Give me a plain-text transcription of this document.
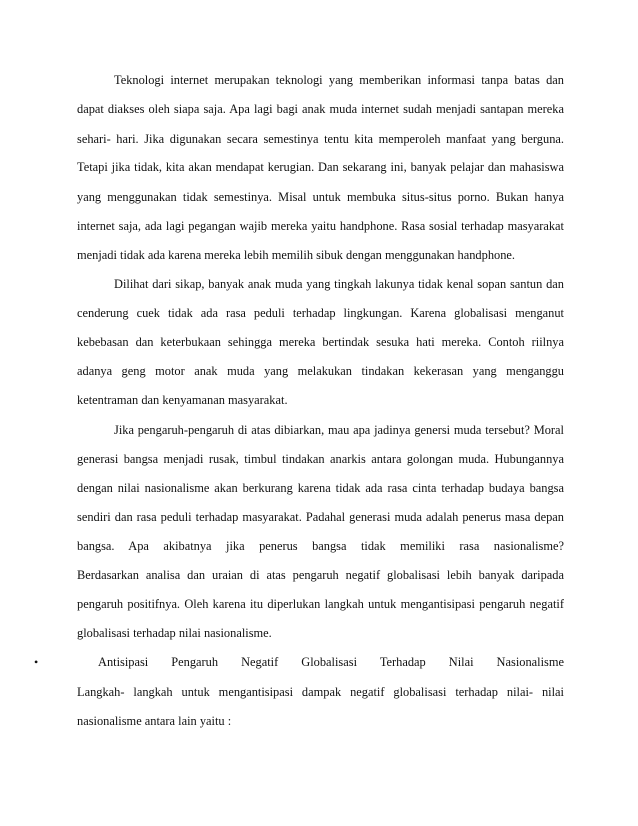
Teknologi internet merupakan teknologi yang memberikan informasi tanpa batas dan
dapat diakses oleh siapa saja. Apa lagi bagi anak muda internet sudah menjadi santapan mereka
sehari- hari. Jika digunakan secara semestinya tentu kita memperoleh manfaat yang berguna.
Tetapi jika tidak, kita akan mendapat kerugian. Dan sekarang ini, banyak pelajar dan mahasiswa
yang menggunakan tidak semestinya. Misal untuk membuka situs-situs porno. Bukan hanya
internet saja, ada lagi pegangan wajib mereka yaitu handphone. Rasa sosial terhadap masyarakat
menjadi tidak ada karena mereka lebih memilih sibuk dengan menggunakan handphone.
Dilihat dari sikap, banyak anak muda yang tingkah lakunya tidak kenal sopan santun dan
cenderung cuek tidak ada rasa peduli terhadap lingkungan. Karena globalisasi menganut
kebebasan dan keterbukaan sehingga mereka bertindak sesuka hati mereka. Contoh riilnya
adanya geng motor anak muda yang melakukan tindakan kekerasan yang menganggu
ketentraman dan kenyamanan masyarakat.
Jika pengaruh-pengaruh di atas dibiarkan, mau apa jadinya genersi muda tersebut? Moral
generasi bangsa menjadi rusak, timbul tindakan anarkis antara golongan muda. Hubungannya
dengan nilai nasionalisme akan berkurang karena tidak ada rasa cinta terhadap budaya bangsa
sendiri dan rasa peduli terhadap masyarakat. Padahal generasi muda adalah penerus masa depan
bangsa. Apa akibatnya jika penerus bangsa tidak memiliki rasa nasionalisme?
Berdasarkan analisa dan uraian di atas pengaruh negatif globalisasi lebih banyak daripada
pengaruh positifnya. Oleh karena itu diperlukan langkah untuk mengantisipasi pengaruh negatif
globalisasi terhadap nilai nasionalisme.
•	Antisipasi Pengaruh Negatif Globalisasi Terhadap Nilai Nasionalisme
Langkah- langkah untuk mengantisipasi dampak negatif globalisasi terhadap nilai- nilai
nasionalisme antara lain yaitu :
